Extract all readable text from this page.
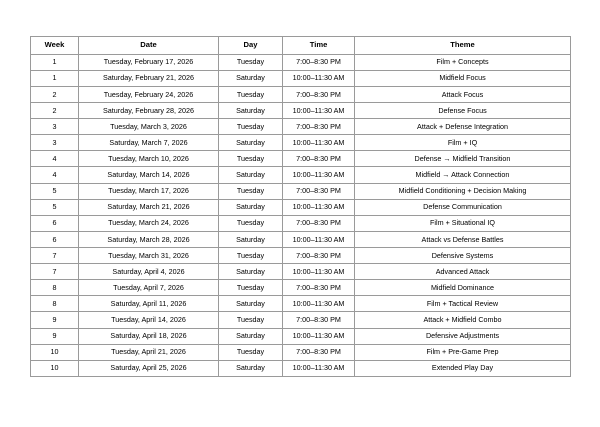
Week	Date	Day	Time	Theme
1	Tuesday, February 17, 2026	Tuesday	7:00–8:30 PM	Film + Concepts
1	Saturday, February 21, 2026	Saturday	10:00–11:30 AM	Midfield Focus
2	Tuesday, February 24, 2026	Tuesday	7:00–8:30 PM	Attack Focus
2	Saturday, February 28, 2026	Saturday	10:00–11:30 AM	Defense Focus
3	Tuesday, March 3, 2026	Tuesday	7:00–8:30 PM	Attack + Defense Integration
3	Saturday, March 7, 2026	Saturday	10:00–11:30 AM	Film + IQ
4	Tuesday, March 10, 2026	Tuesday	7:00–8:30 PM	Defense → Midfield Transition
4	Saturday, March 14, 2026	Saturday	10:00–11:30 AM	Midfield → Attack Connection
5	Tuesday, March 17, 2026	Tuesday	7:00–8:30 PM	Midfield Conditioning + Decision Making
5	Saturday, March 21, 2026	Saturday	10:00–11:30 AM	Defense Communication
6	Tuesday, March 24, 2026	Tuesday	7:00–8:30 PM	Film + Situational IQ
6	Saturday, March 28, 2026	Saturday	10:00–11:30 AM	Attack vs Defense Battles
7	Tuesday, March 31, 2026	Tuesday	7:00–8:30 PM	Defensive Systems
7	Saturday, April 4, 2026	Saturday	10:00–11:30 AM	Advanced Attack
8	Tuesday, April 7, 2026	Tuesday	7:00–8:30 PM	Midfield Dominance
8	Saturday, April 11, 2026	Saturday	10:00–11:30 AM	Film + Tactical Review
9	Tuesday, April 14, 2026	Tuesday	7:00–8:30 PM	Attack + Midfield Combo
9	Saturday, April 18, 2026	Saturday	10:00–11:30 AM	Defensive Adjustments
10	Tuesday, April 21, 2026	Tuesday	7:00–8:30 PM	Film + Pre-Game Prep
10	Saturday, April 25, 2026	Saturday	10:00–11:30 AM	Extended Play Day
